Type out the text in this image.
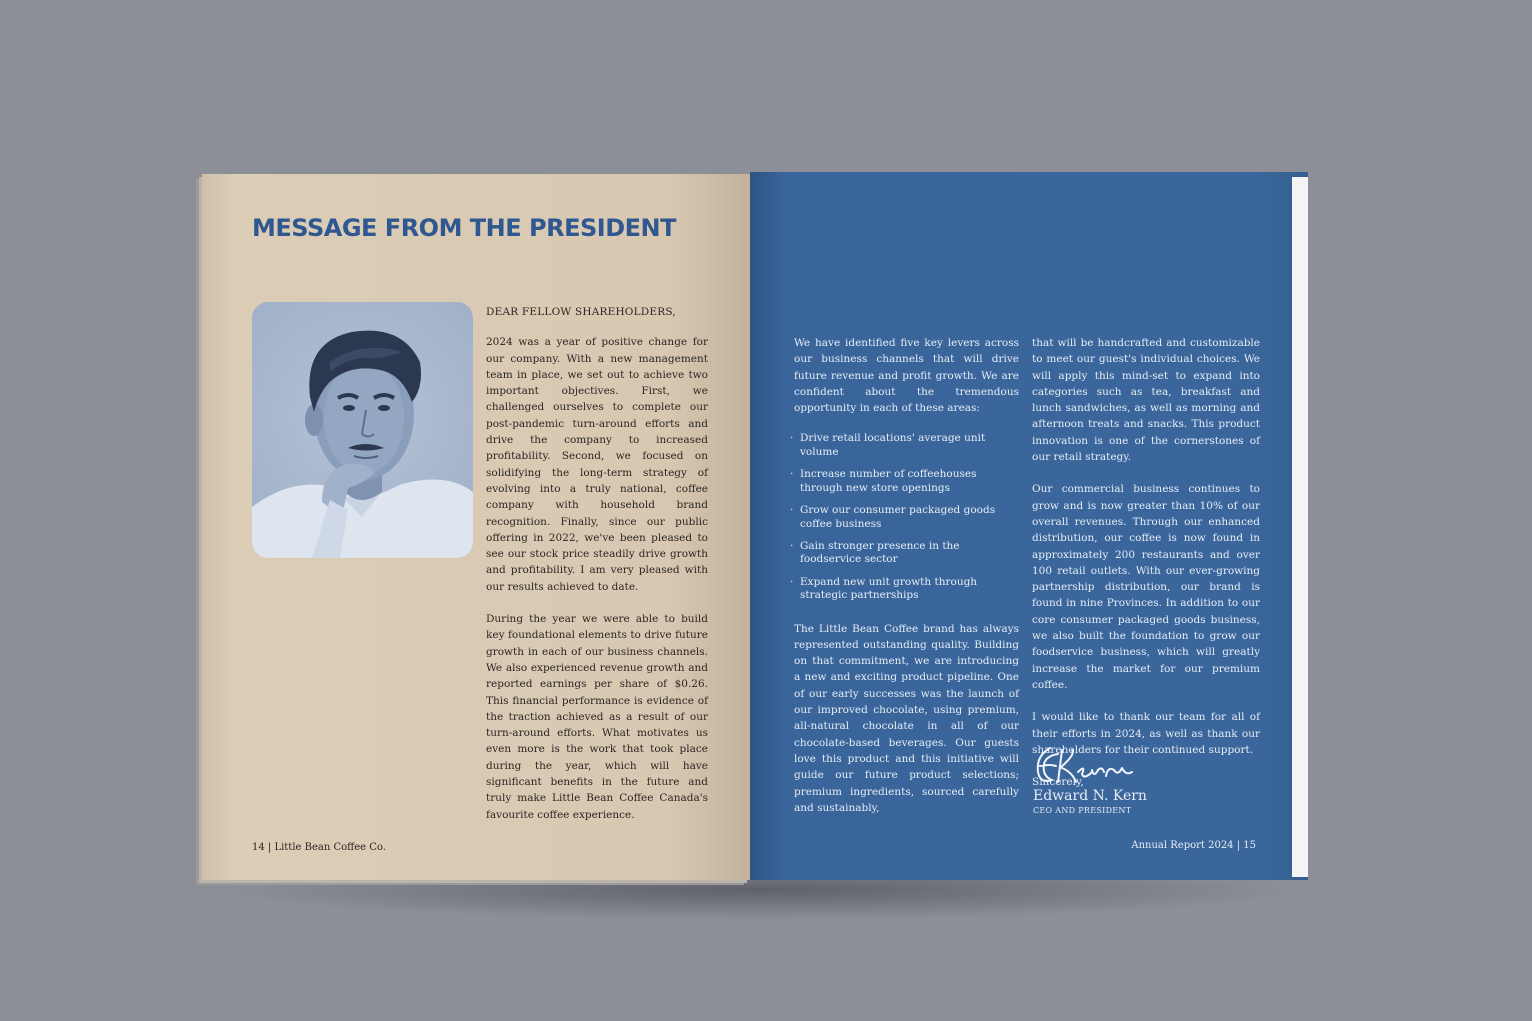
MESSAGE FROM THE PRESIDENT

DEAR FELLOW SHAREHOLDERS,

2024 was a year of positive change for our company. With a new management team in place, we set out to achieve two important objectives. First, we challenged ourselves to complete our post-pandemic turn-around efforts and drive the company to increased profitability. Second, we focused on solidifying the long-term strategy of evolving into a truly national, coffee company with household brand recognition. Finally, since our public offering in 2022, we've been pleased to see our stock price steadily drive growth and profitability. I am very pleased with our results achieved to date.

During the year we were able to build key foundational elements to drive future growth in each of our business channels. We also experienced revenue growth and reported earnings per share of $0.26. This financial performance is evidence of the traction achieved as a result of our turn-around efforts. What motivates us even more is the work that took place during the year, which will have significant benefits in the future and truly make Little Bean Coffee Canada's favourite coffee experience.

14 | Little Bean Coffee Co.

We have identified five key levers across our business channels that will drive future revenue and profit growth. We are confident about the tremendous opportunity in each of these areas:

· Drive retail locations' average unit volume
· Increase number of coffeehouses through new store openings
· Grow our consumer packaged goods coffee business
· Gain stronger presence in the foodservice sector
· Expand new unit growth through strategic partnerships

The Little Bean Coffee brand has always represented outstanding quality. Building on that commitment, we are introducing a new and exciting product pipeline. One of our early successes was the launch of our improved chocolate, using premium, all-natural chocolate in all of our chocolate-based beverages. Our guests love this product and this initiative will guide our future product selections; premium ingredients, sourced carefully and sustainably,

that will be handcrafted and customizable to meet our guest's individual choices. We will apply this mind-set to expand into categories such as tea, breakfast and lunch sandwiches, as well as morning and afternoon treats and snacks. This product innovation is one of the cornerstones of our retail strategy.

Our commercial business continues to grow and is now greater than 10% of our overall revenues. Through our enhanced distribution, our coffee is now found in approximately 200 restaurants and over 100 retail outlets. With our ever-growing partnership distribution, our brand is found in nine Provinces. In addition to our core consumer packaged goods business, we also built the foundation to grow our foodservice business, which will greatly increase the market for our premium coffee.

I would like to thank our team for all of their efforts in 2024, as well as thank our shareholders for their continued support.

Sincerely,

Edward N. Kern
CEO AND PRESIDENT
Annual Report 2024 | 15
